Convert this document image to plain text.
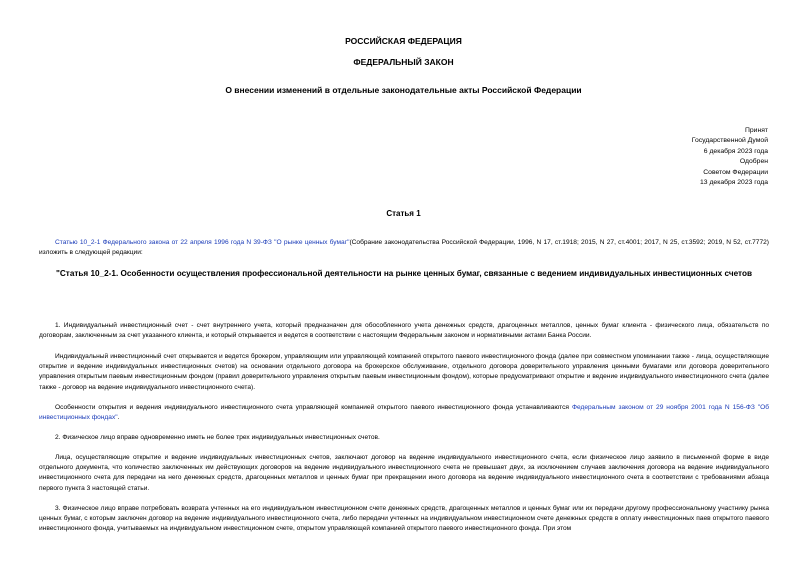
РОССИЙСКАЯ ФЕДЕРАЦИЯ
ФЕДЕРАЛЬНЫЙ ЗАКОН
О внесении изменений в отдельные законодательные акты Российской Федерации
Принят
Государственной Думой
6 декабря 2023 года
Одобрен
Советом Федерации
13 декабря 2023 года
Статья 1
Статью 10_2-1 Федерального закона от 22 апреля 1996 года N 39-ФЗ "О рынке ценных бумаг"(Собрание законодательства Российской Федерации, 1996, N 17, ст.1918; 2015, N 27, ст.4001; 2017, N 25, ст.3592; 2019, N 52, ст.7772) изложить в следующей редакции:
"Статья 10_2-1. Особенности осуществления профессиональной деятельности на рынке ценных бумаг, связанные с ведением индивидуальных инвестиционных счетов
1. Индивидуальный инвестиционный счет - счет внутреннего учета, который предназначен для обособленного учета денежных средств, драгоценных металлов, ценных бумаг клиента - физического лица, обязательств по договорам, заключенным за счет указанного клиента, и который открывается и ведется в соответствии с настоящим Федеральным законом и нормативными актами Банка России.
Индивидуальный инвестиционный счет открывается и ведется брокером, управляющим или управляющей компанией открытого паевого инвестиционного фонда (далее при совместном упоминании также - лица, осуществляющие открытие и ведение индивидуальных инвестиционных счетов) на основании отдельного договора на брокерское обслуживание, отдельного договора доверительного управления ценными бумагами или договора доверительного управления открытым паевым инвестиционным фондом (правил доверительного управления открытым паевым инвестиционным фондом), которые предусматривают открытие и ведение индивидуального инвестиционного счета (далее также - договор на ведение индивидуального инвестиционного счета).
Особенности открытия и ведения индивидуального инвестиционного счета управляющей компанией открытого паевого инвестиционного фонда устанавливаются Федеральным законом от 29 ноября 2001 года N 156-ФЗ "Об инвестиционных фондах".
2. Физическое лицо вправе одновременно иметь не более трех индивидуальных инвестиционных счетов.
Лица, осуществляющие открытие и ведение индивидуальных инвестиционных счетов, заключают договор на ведение индивидуального инвестиционного счета, если физическое лицо заявило в письменной форме в виде отдельного документа, что количество заключенных им действующих договоров на ведение индивидуального инвестиционного счета не превышает двух, за исключением случаев заключения договора на ведение индивидуального инвестиционного счета для передачи на него денежных средств, драгоценных металлов и ценных бумаг при прекращении иного договора на ведение индивидуального инвестиционного счета в соответствии с требованиями абзаца первого пункта 3 настоящей статьи.
3. Физическое лицо вправе потребовать возврата учтенных на его индивидуальном инвестиционном счете денежных средств, драгоценных металлов и ценных бумаг или их передачи другому профессиональному участнику рынка ценных бумаг, с которым заключен договор на ведение индивидуального инвестиционного счета, либо передачи учтенных на индивидуальном инвестиционном счете денежных средств в оплату инвестиционных паев открытого паевого инвестиционного фонда, учитываемых на индивидуальном инвестиционном счете, открытом управляющей компанией открытого паевого инвестиционного фонда. При этом
